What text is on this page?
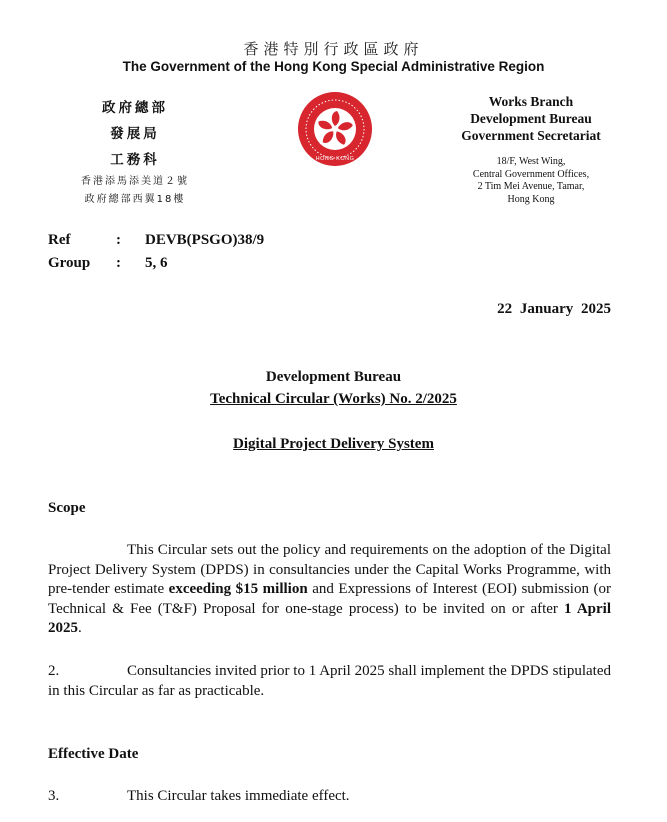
香港特別行政區政府
The Government of the Hong Kong Special Administrative Region
政府總部
發展局
工務科
香港添馬添美道２號
政府總部西翼18樓
HONG KONG
Works Branch
Development Bureau
Government Secretariat
18/F, West Wing,
Central Government Offices,
2 Tim Mei Avenue, Tamar,
Hong Kong
Ref	: DEVB(PSGO)38/9
Group : 5, 6
22 January 2025
Development Bureau
Technical Circular (Works) No. 2/2025
Digital Project Delivery System
Scope
This Circular sets out the policy and requirements on the adoption of the Digital Project Delivery System (DPDS) in consultancies under the Capital Works Programme, with pre-tender estimate exceeding $15 million and Expressions of Interest (EOI) submission (or Technical & Fee (T&F) Proposal for one-stage process) to be invited on or after 1 April 2025.
2.	Consultancies invited prior to 1 April 2025 shall implement the DPDS stipulated in this Circular as far as practicable.
Effective Date
3.	This Circular takes immediate effect.
